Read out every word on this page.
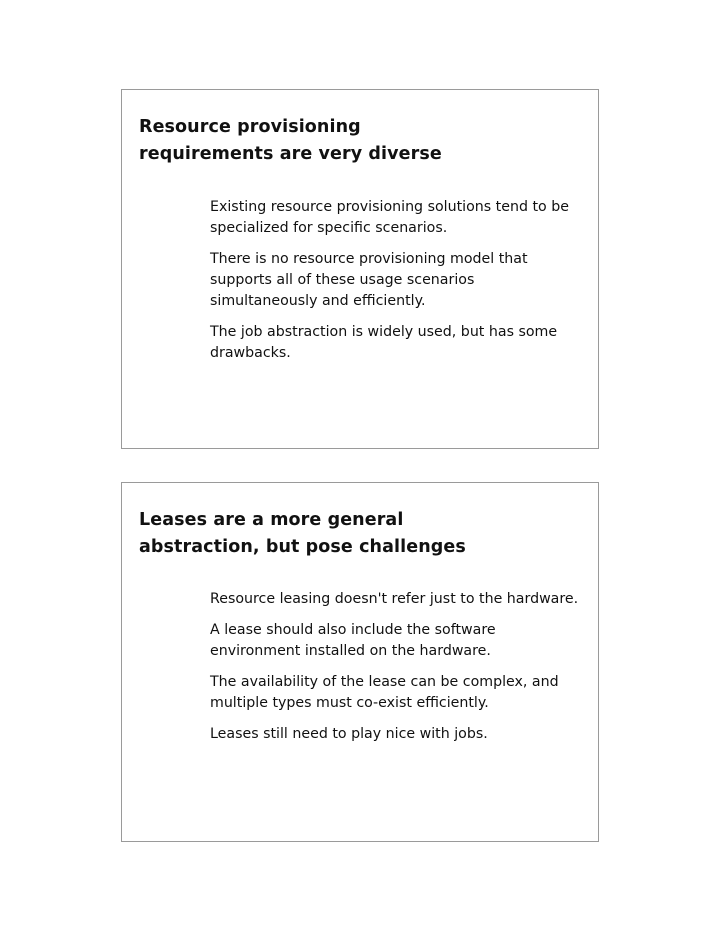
Resource provisioning
requirements are very diverse
Existing resource provisioning solutions tend to be specialized for specific scenarios.
There is no resource provisioning model that supports all of these usage scenarios simultaneously and efficiently.
The job abstraction is widely used, but has some drawbacks.
Leases are a more general
abstraction, but pose challenges
Resource leasing doesn't refer just to the hardware.
A lease should also include the software environment installed on the hardware.
The availability of the lease can be complex, and multiple types must co-exist efficiently.
Leases still need to play nice with jobs.
